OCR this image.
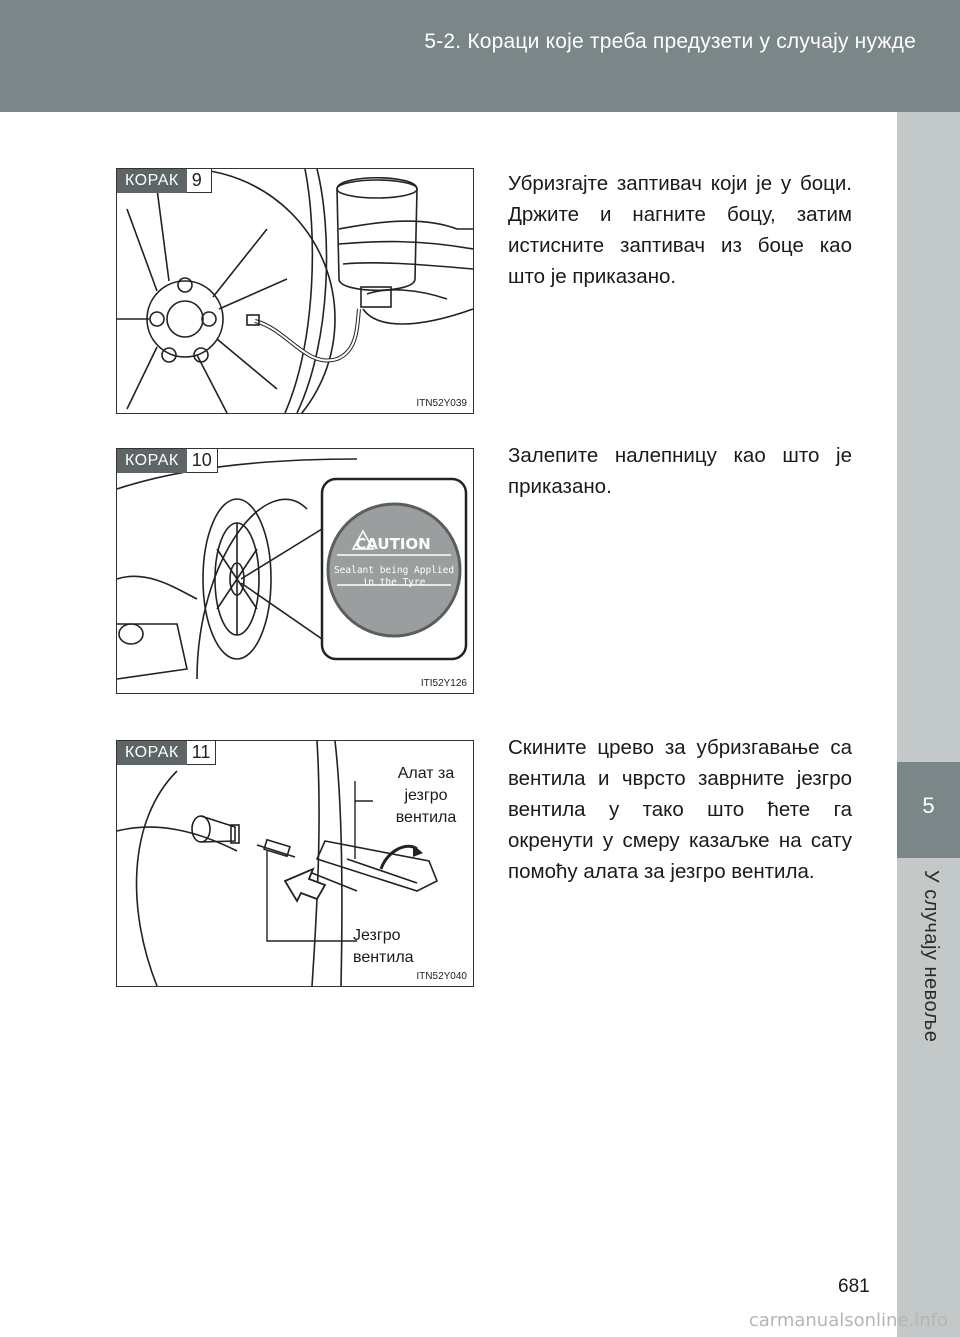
5-2. Кораци које треба предузети у случају нужде
5
У случају невоље
КОРАК 9
ITN52Y039
Убризгајте заптивач који је у боци. Држите и нагните боцу, затим истисните заптивач из боце као што је приказано.
КОРАК 10
CAUTION
Sealant being Applied
in the Tyre
ITI52Y126
Залепите налепницу као што је приказано.
КОРАК 11
Алат за језгро вентила
Језгро вентила
ITN52Y040
Скините црево за убризгавање са вентила и чврсто заврните језгро вентила у тако што ћете га окренути у смеру казаљке на сату помоћу алата за језгро вентила.
681
carmanualsonline.info
